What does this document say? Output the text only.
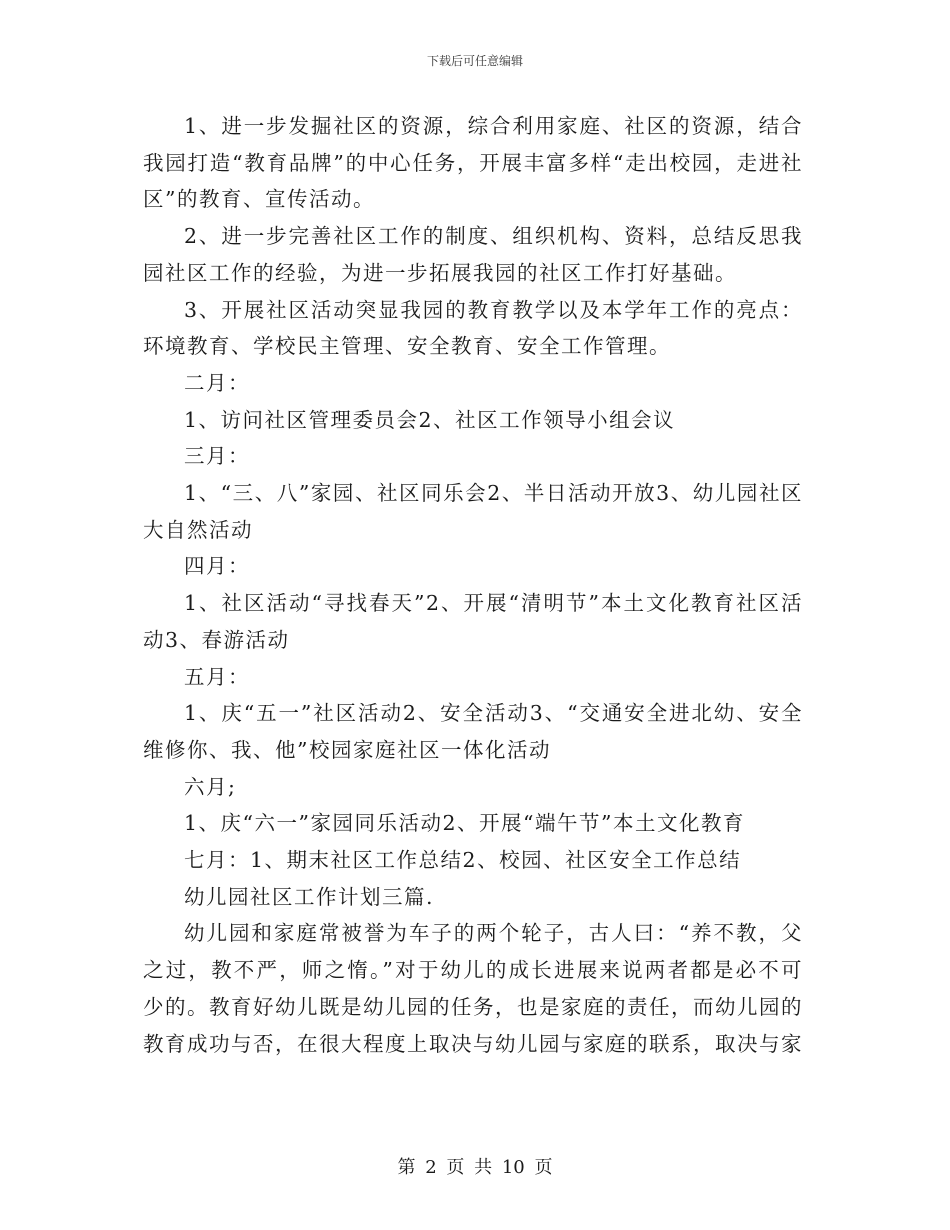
下载后可任意编辑

1、进一步发掘社区的资源，综合利用家庭、社区的资源，结合我园打造“教育品牌”的中心任务，开展丰富多样“走出校园，走进社区”的教育、宣传活动。

2、进一步完善社区工作的制度、组织机构、资料，总结反思我园社区工作的经验，为进一步拓展我园的社区工作打好基础。

3、开展社区活动突显我园的教育教学以及本学年工作的亮点：环境教育、学校民主管理、安全教育、安全工作管理。

二月：

1、访问社区管理委员会2、社区工作领导小组会议

三月：

1、“三、八”家园、社区同乐会2、半日活动开放3、幼儿园社区大自然活动

四月：

1、社区活动“寻找春天”2、开展“清明节”本土文化教育社区活动3、春游活动

五月：

1、庆“五一”社区活动2、安全活动3、“交通安全进北幼、安全维修你、我、他”校园家庭社区一体化活动

六月;

1、庆“六一”家园同乐活动2、开展“端午节”本土文化教育

七月：1、期末社区工作总结2、校园、社区安全工作总结

幼儿园社区工作计划三篇.

幼儿园和家庭常被誉为车子的两个轮子，古人曰：“养不教，父之过，教不严，师之惰。”对于幼儿的成长进展来说两者都是必不可少的。教育好幼儿既是幼儿园的任务，也是家庭的责任，而幼儿园的教育成功与否，在很大程度上取决与幼儿园与家庭的联系，取决与家

第 2 页 共 10 页
